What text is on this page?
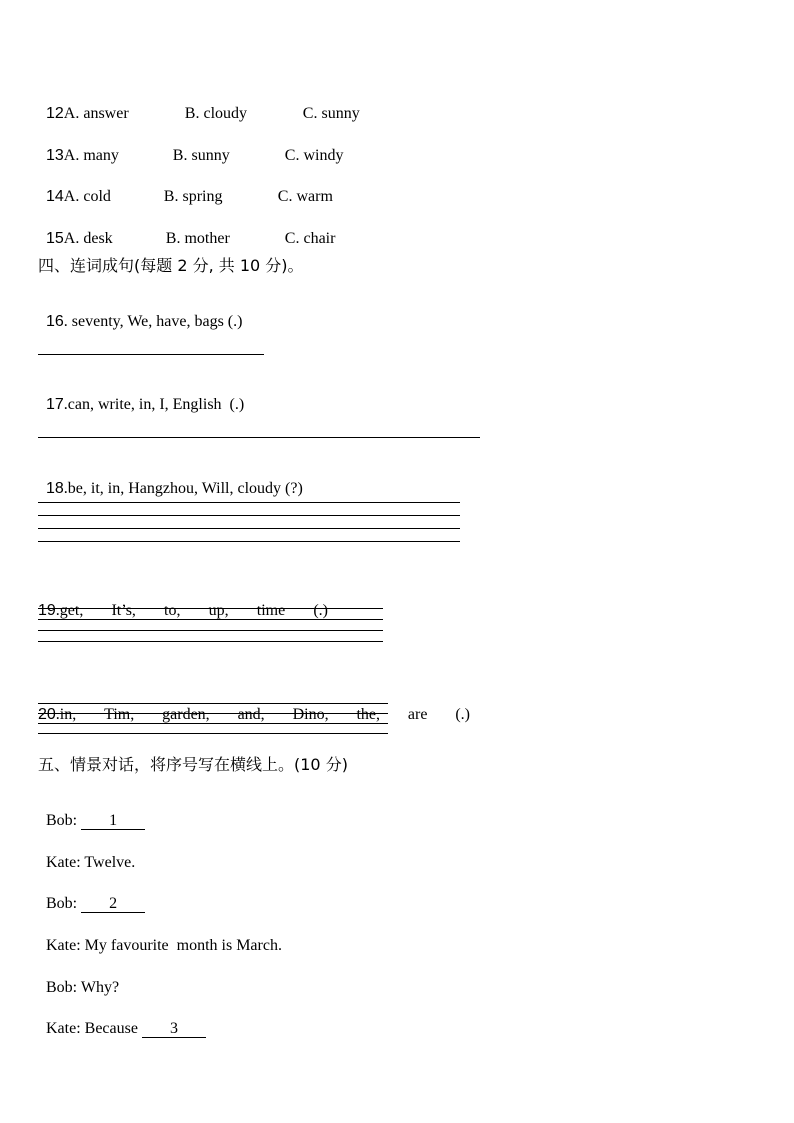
12A. answer	B. cloudy	C. sunny

13A. many	B. sunny	C. windy

14A. cold	B. spring	C. warm

15A. desk	B. mother	C. chair

四、连词成句(每题 2 分, 共 10 分)。

16. seventy, We, have, bags (.)

17.can, write, in, I, English  (.)

18.be, it, in, Hangzhou, Will, cloudy (?)

19.get, It’s, to, up, time (.)

20.in, Tim, garden, and, Dino, the, are (.)

五、情景对话，将序号写在横线上。(10 分)

Bob: 1

Kate: Twelve.

Bob: 2

Kate: My favourite  month is March.

Bob: Why?

Kate: Because 3
